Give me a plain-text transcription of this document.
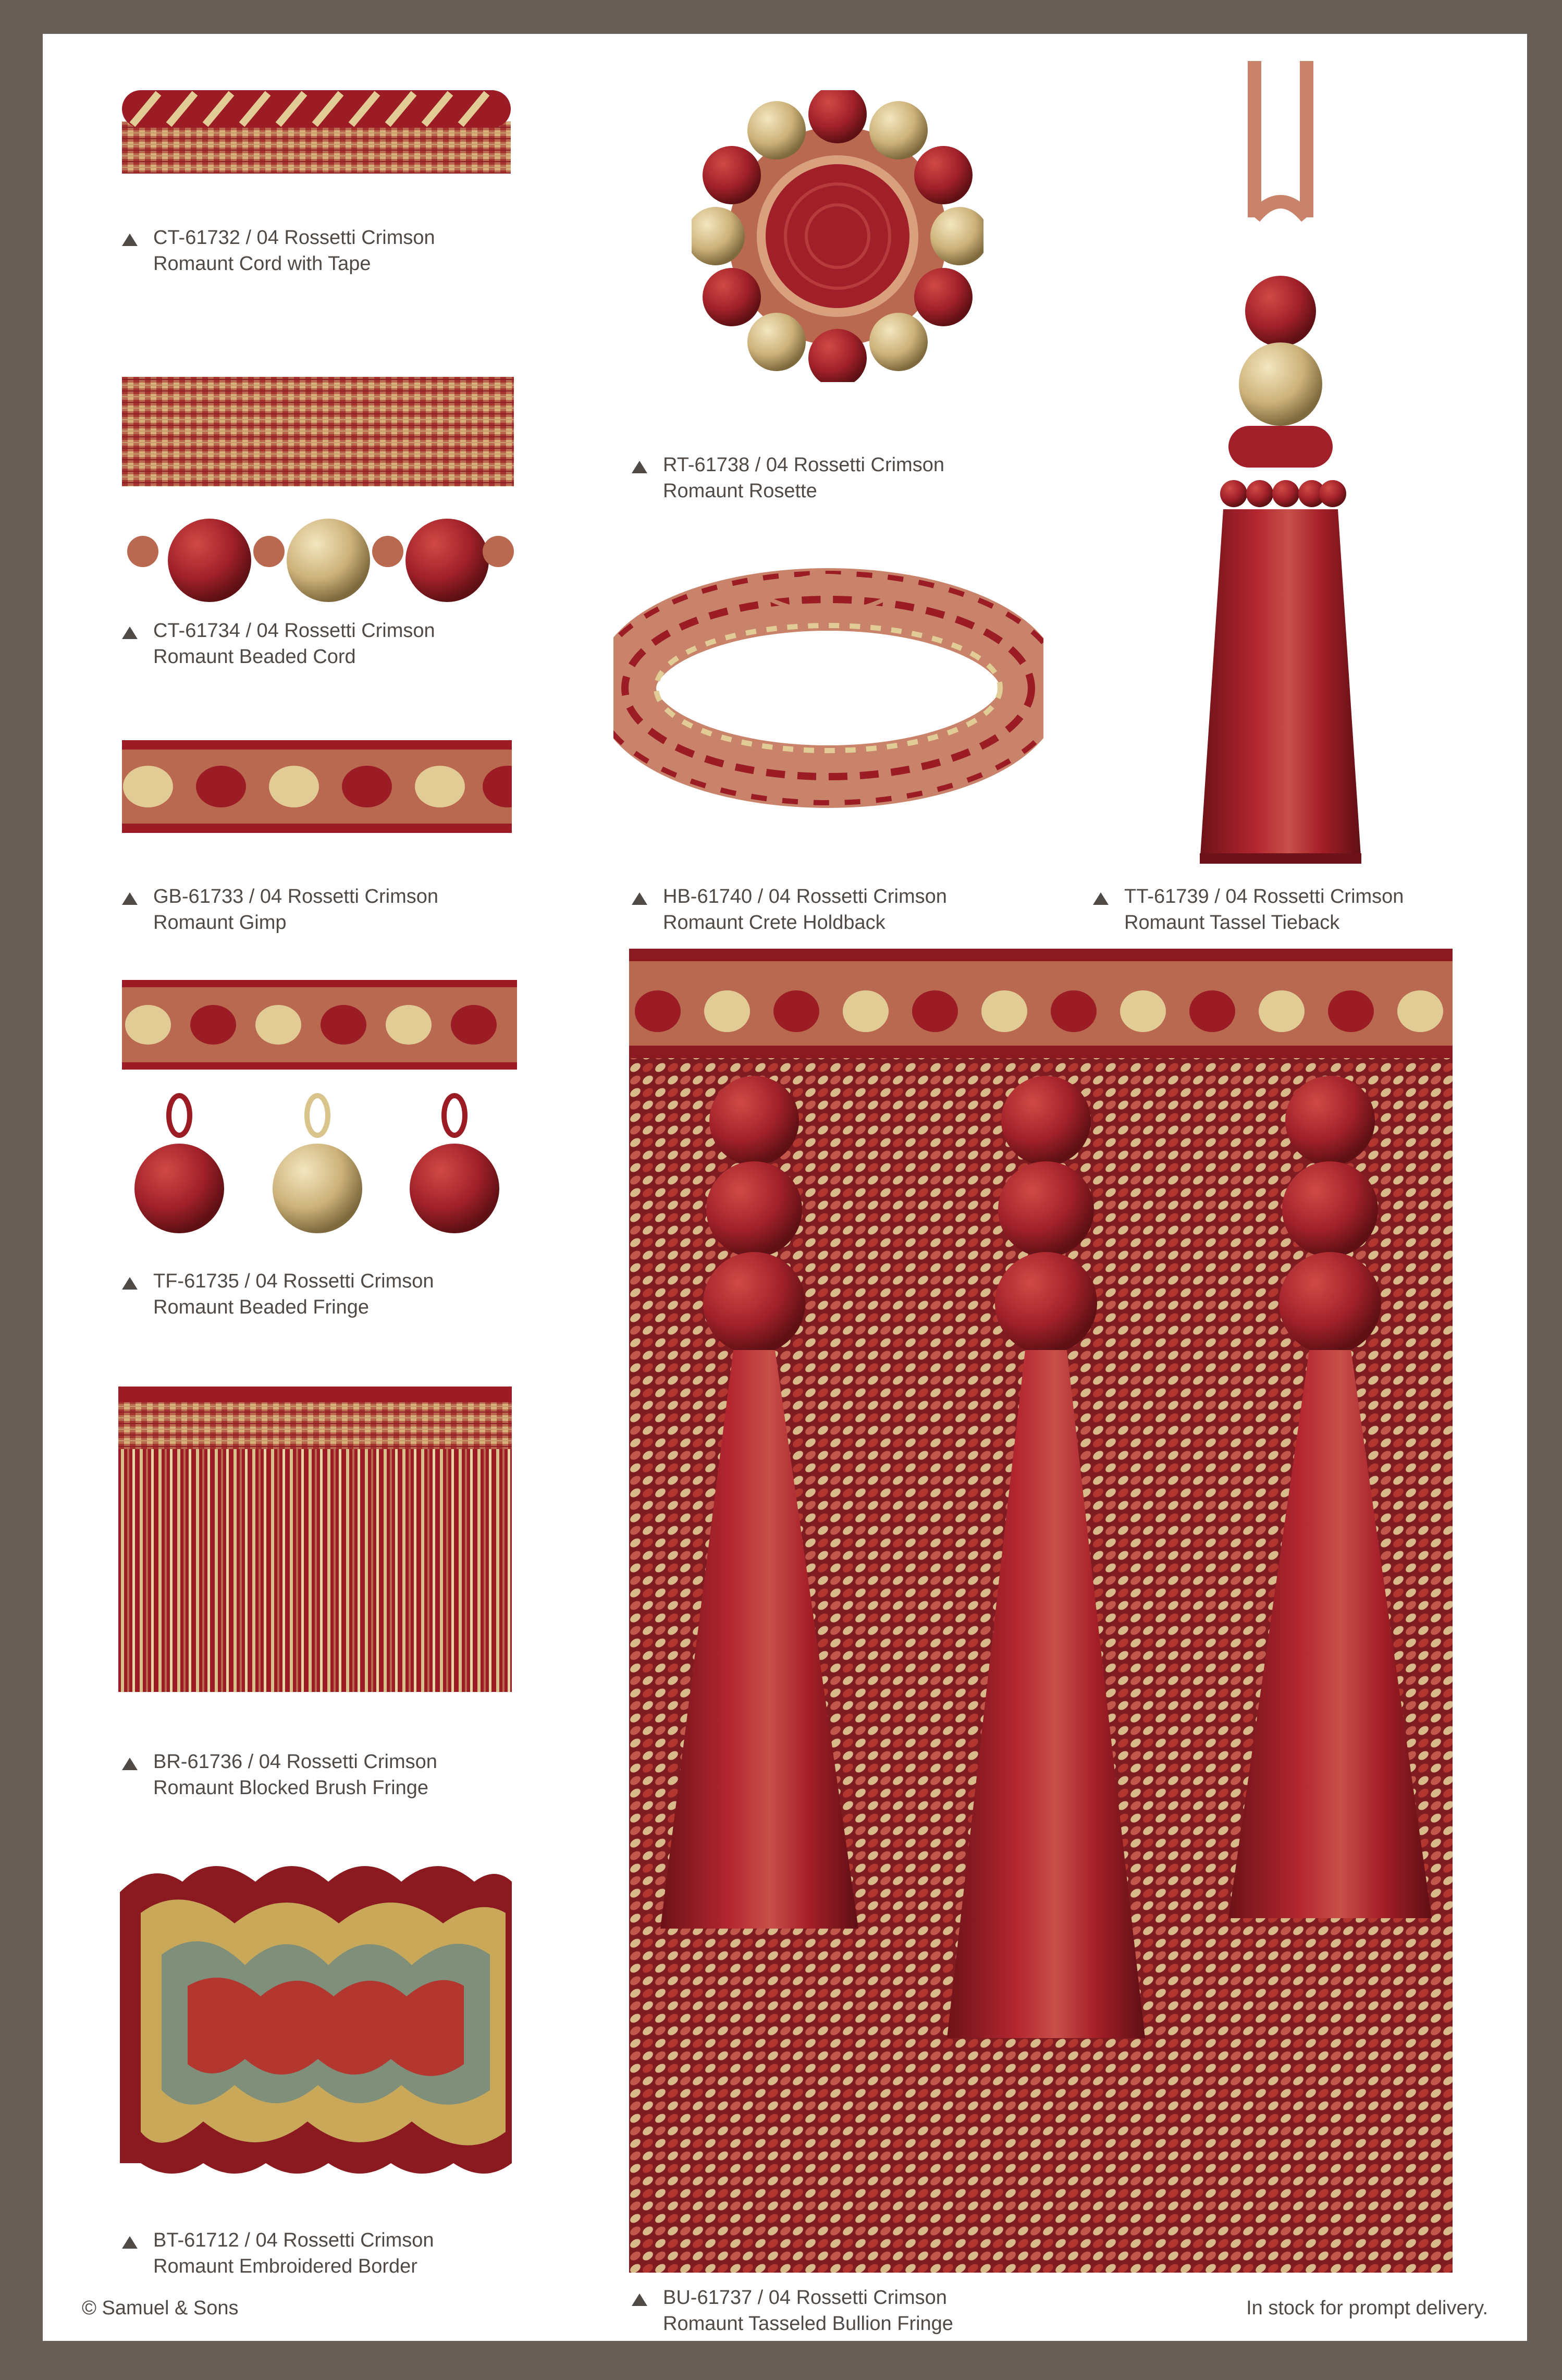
CT-61732 / 04 Rossetti Crimson
Romaunt Cord with Tape
CT-61734 / 04 Rossetti Crimson
Romaunt Beaded Cord
GB-61733 / 04 Rossetti Crimson
Romaunt Gimp
TF-61735 / 04 Rossetti Crimson
Romaunt Beaded Fringe
BR-61736 / 04 Rossetti Crimson
Romaunt Blocked Brush Fringe
BT-61712 / 04 Rossetti Crimson
Romaunt Embroidered Border
RT-61738 / 04 Rossetti Crimson
Romaunt Rosette
HB-61740 / 04 Rossetti Crimson
Romaunt Crete Holdback
TT-61739 / 04 Rossetti Crimson
Romaunt Tassel Tieback
BU-61737 / 04 Rossetti Crimson
Romaunt Tasseled Bullion Fringe
© Samuel & Sons	In stock for prompt delivery.
